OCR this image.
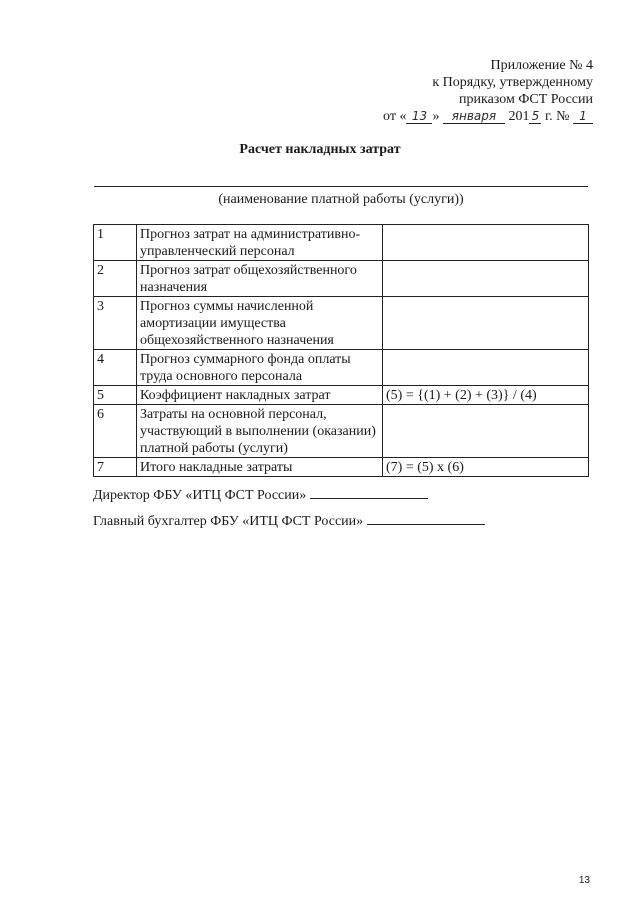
Приложение № 4
к Порядку, утвержденному
приказом ФСТ России
от « 13 » января 201 5 г. № 1
Расчет накладных затрат
(наименование платной работы (услуги))
1	Прогноз затрат на административно-управленческий персонал	
2	Прогноз затрат общехозяйственного назначения	
3	Прогноз суммы начисленной амортизации имущества общехозяйственного назначения	
4	Прогноз суммарного фонда оплаты труда основного персонала	
5	Коэффициент накладных затрат	(5) = {(1) + (2) + (3)} / (4)
6	Затраты на основной персонал, участвующий в выполнении (оказании) платной работы (услуги)	
7	Итого накладные затраты	(7) = (5) х (6)
Директор ФБУ «ИТЦ ФСТ России»
Главный бухгалтер ФБУ «ИТЦ ФСТ России»
13
